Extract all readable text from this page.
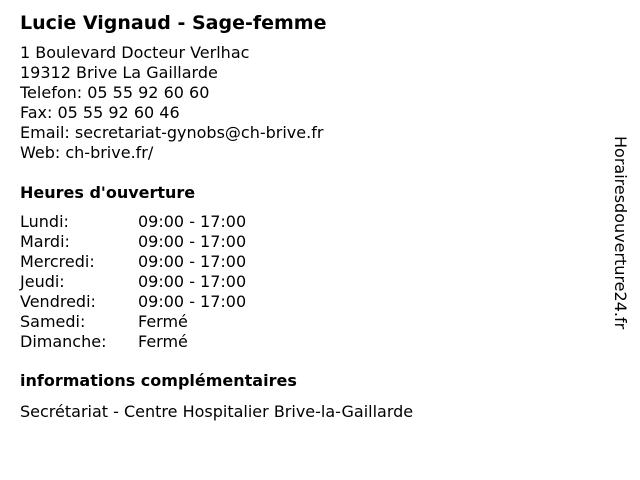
Lucie Vignaud - Sage-femme
1 Boulevard Docteur Verlhac
19312 Brive La Gaillarde
Telefon: 05 55 92 60 60
Fax: 05 55 92 60 46
Email: secretariat-gynobs@ch-brive.fr
Web: ch-brive.fr/
Heures d'ouverture
Lundi:	09:00 - 17:00
Mardi:	09:00 - 17:00
Mercredi:	09:00 - 17:00
Jeudi:	09:00 - 17:00
Vendredi:	09:00 - 17:00
Samedi:	Fermé
Dimanche:	Fermé
informations complémentaires
Secrétariat - Centre Hospitalier Brive-la-Gaillarde
Horairesdouverture24.fr
